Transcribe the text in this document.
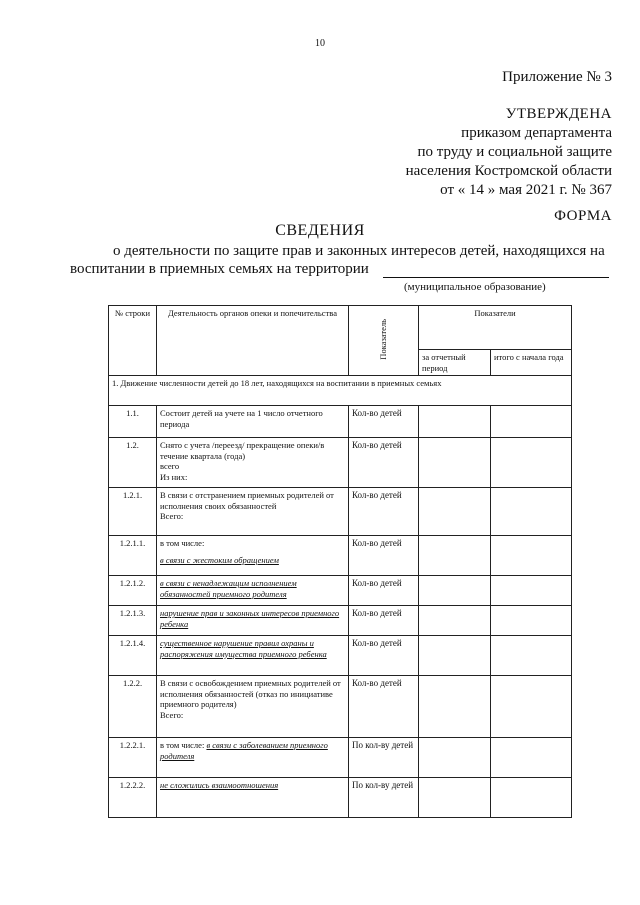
10
Приложение № 3
УТВЕРЖДЕНА
приказом департамента
по труду и социальной защите
населения Костромской области
от « 14 » мая 2021 г. № 367
ФОРМА
СВЕДЕНИЯ
о деятельности по защите прав и законных интересов детей, находящихся на
воспитании в приемных семьях на территории
(муниципальное образование)
№ строки	Деятельность органов опеки и попечительства	Показатель	Показатели	
			за отчетный период	итого с начала года
1. Движение численности детей до 18 лет, находящихся на воспитании в приемных семьях				
1.1.	Состоит детей на учете на 1 число отчетного периода	Кол-во детей		
1.2.	Снято с учета /переезд/ прекращение опеки/в течение квартала (года)
всего
Из них:	Кол-во детей		
1.2.1.	В связи с отстранением приемных родителей от исполнения своих обязанностей
Всего:	Кол-во детей		
1.2.1.1.	в том числе:
в связи с жестоким обращением	Кол-во детей		
1.2.1.2.	в связи с ненадлежащим исполнением обязанностей приемного родителя	Кол-во детей		
1.2.1.3.	нарушение прав и законных интересов приемного ребенка	Кол-во детей		
1.2.1.4.	существенное нарушение правил охраны и распоряжения имущества приемного ребенка	Кол-во детей		
1.2.2.	В связи с освобождением приемных родителей от исполнения обязанностей (отказ по инициативе приемного родителя)
Всего:	Кол-во детей		
1.2.2.1.	в том числе: в связи с заболеванием приемного родителя	По кол-ву детей		
1.2.2.2.	не сложились взаимоотношения	По кол-ву детей		
